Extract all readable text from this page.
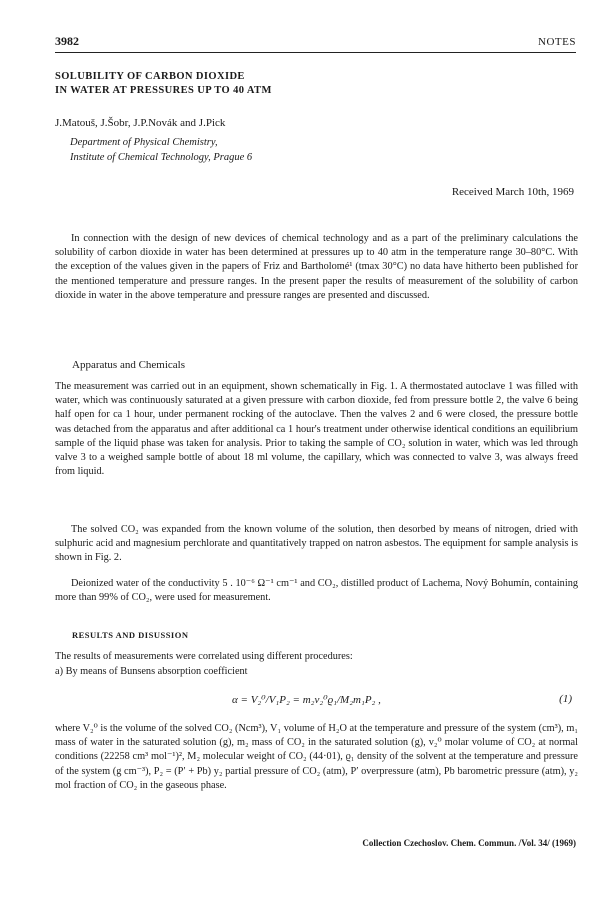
3982	NOTES
SOLUBILITY OF CARBON DIOXIDE
IN WATER AT PRESSURES UP TO 40 ATM
J.Matouš, J.Šobr, J.P.Novák and J.Pick
Department of Physical Chemistry,
Institute of Chemical Technology, Prague 6
Received March 10th, 1969

In connection with the design of new devices of chemical technology and as a part of the preliminary calculations the solubility of carbon dioxide in water has been determined at pressures up to 40 atm in the temperature range 30–80°C. With the exception of the values given in the papers of Friz and Bartholomé¹ (tmax 30°C) no data have hitherto been published for the mentioned temperature and pressure ranges. In the present paper the results of measurement of the solubility of carbon dioxide in water in the above temperature and pressure ranges are presented and discussed.

Apparatus and Chemicals

The measurement was carried out in an equipment, shown schematically in Fig. 1. A thermostated autoclave 1 was filled with water, which was continuously saturated at a given pressure with carbon dioxide, fed from pressure bottle 2, the valve 6 being half open for ca 1 hour, under permanent rocking of the autoclave. Then the valves 2 and 6 were closed, the pressure bottle was detached from the apparatus and after additional ca 1 hour's treatment under otherwise identical conditions an equilibrium sample of the liquid phase was taken for analysis. Prior to taking the sample of CO₂ solution in water, which was led through valve 3 to a weighed sample bottle of about 18 ml volume, the capillary, which was connected to valve 3, was always freed from liquid.

The solved CO₂ was expanded from the known volume of the solution, then desorbed by means of nitrogen, dried with sulphuric acid and magnesium perchlorate and quantitatively trapped on natron asbestos. The equipment for sample analysis is shown in Fig. 2.

Deionized water of the conductivity 5 . 10⁻⁶ Ω⁻¹ cm⁻¹ and CO₂, distilled product of Lachema, Nový Bohumín, containing more than 99% of CO₂, were used for measurement.

RESULTS AND DISUSSION

The results of measurements were correlated using different procedures:

a) By means of Bunsens absorption coefficient

α = V₂⁰/V₁P₂ = m₂v₂⁰ϱ₁/M₂m₁P₂ ,	(1)

where V₂⁰ is the volume of the solved CO₂ (Ncm³), V₁ volume of H₂O at the temperature and pressure of the system (cm³), m₁ mass of water in the saturated solution (g), m₂ mass of CO₂ in the saturated solution (g), v₂⁰ molar volume of CO₂ at normal conditions (22258 cm³ mol⁻¹)², M₂ molecular weight of CO₂ (44·01), ϱ₁ density of the solvent at the temperature and pressure of the system (g cm⁻³), P₂ = (P′ + Pb) y₂ partial pressure of CO₂ (atm), P′ overpressure (atm), Pb barometric pressure (atm), y₂ mol fraction of CO₂ in the gaseous phase.

Collection Czechoslov. Chem. Commun. /Vol. 34/ (1969)
